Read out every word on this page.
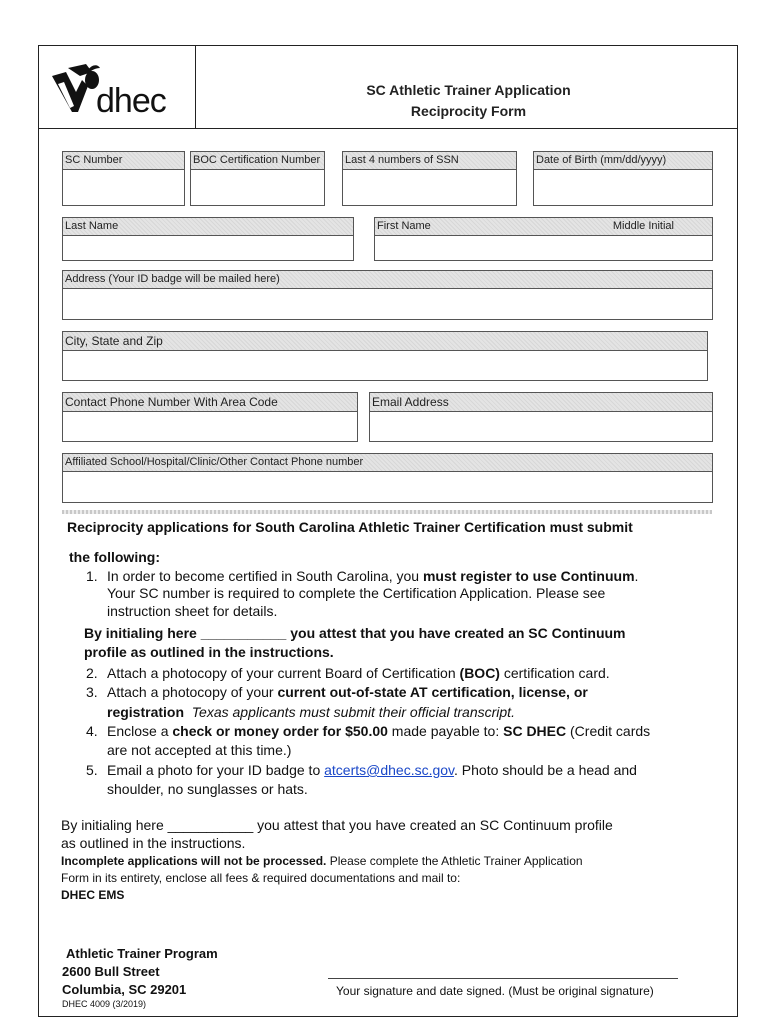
dhec	SC Athletic Trainer Application
Reciprocity Form
SC Number	BOC Certification Number	Last 4 numbers of SSN	Date of Birth (mm/dd/yyyy)
Last Name	First Name	Middle Initial
Address (Your ID badge will be mailed here)
City, State and Zip
Contact Phone Number With Area Code	Email Address
Affiliated School/Hospital/Clinic/Other Contact Phone number
Reciprocity applications for South Carolina Athletic Trainer Certification must submit
the following:
1. In order to become certified in South Carolina, you must register to use Continuum.
Your SC number is required to complete the Certification Application. Please see
instruction sheet for details.
By initialing here ___________ you attest that you have created an SC Continuum
profile as outlined in the instructions.
2. Attach a photocopy of your current Board of Certification (BOC) certification card.
3. Attach a photocopy of your current out-of-state AT certification, license, or
registration  Texas applicants must submit their official transcript.
4. Enclose a check or money order for $50.00 made payable to: SC DHEC (Credit cards
are not accepted at this time.)
5. Email a photo for your ID badge to atcerts@dhec.sc.gov. Photo should be a head and
shoulder, no sunglasses or hats.
By initialing here ___________ you attest that you have created an SC Continuum profile
as outlined in the instructions.
Incomplete applications will not be processed. Please complete the Athletic Trainer Application
Form in its entirety, enclose all fees & required documentations and mail to:
DHEC EMS
Athletic Trainer Program
2600 Bull Street
Columbia, SC 29201
DHEC 4009 (3/2019)
Your signature and date signed. (Must be original signature)
